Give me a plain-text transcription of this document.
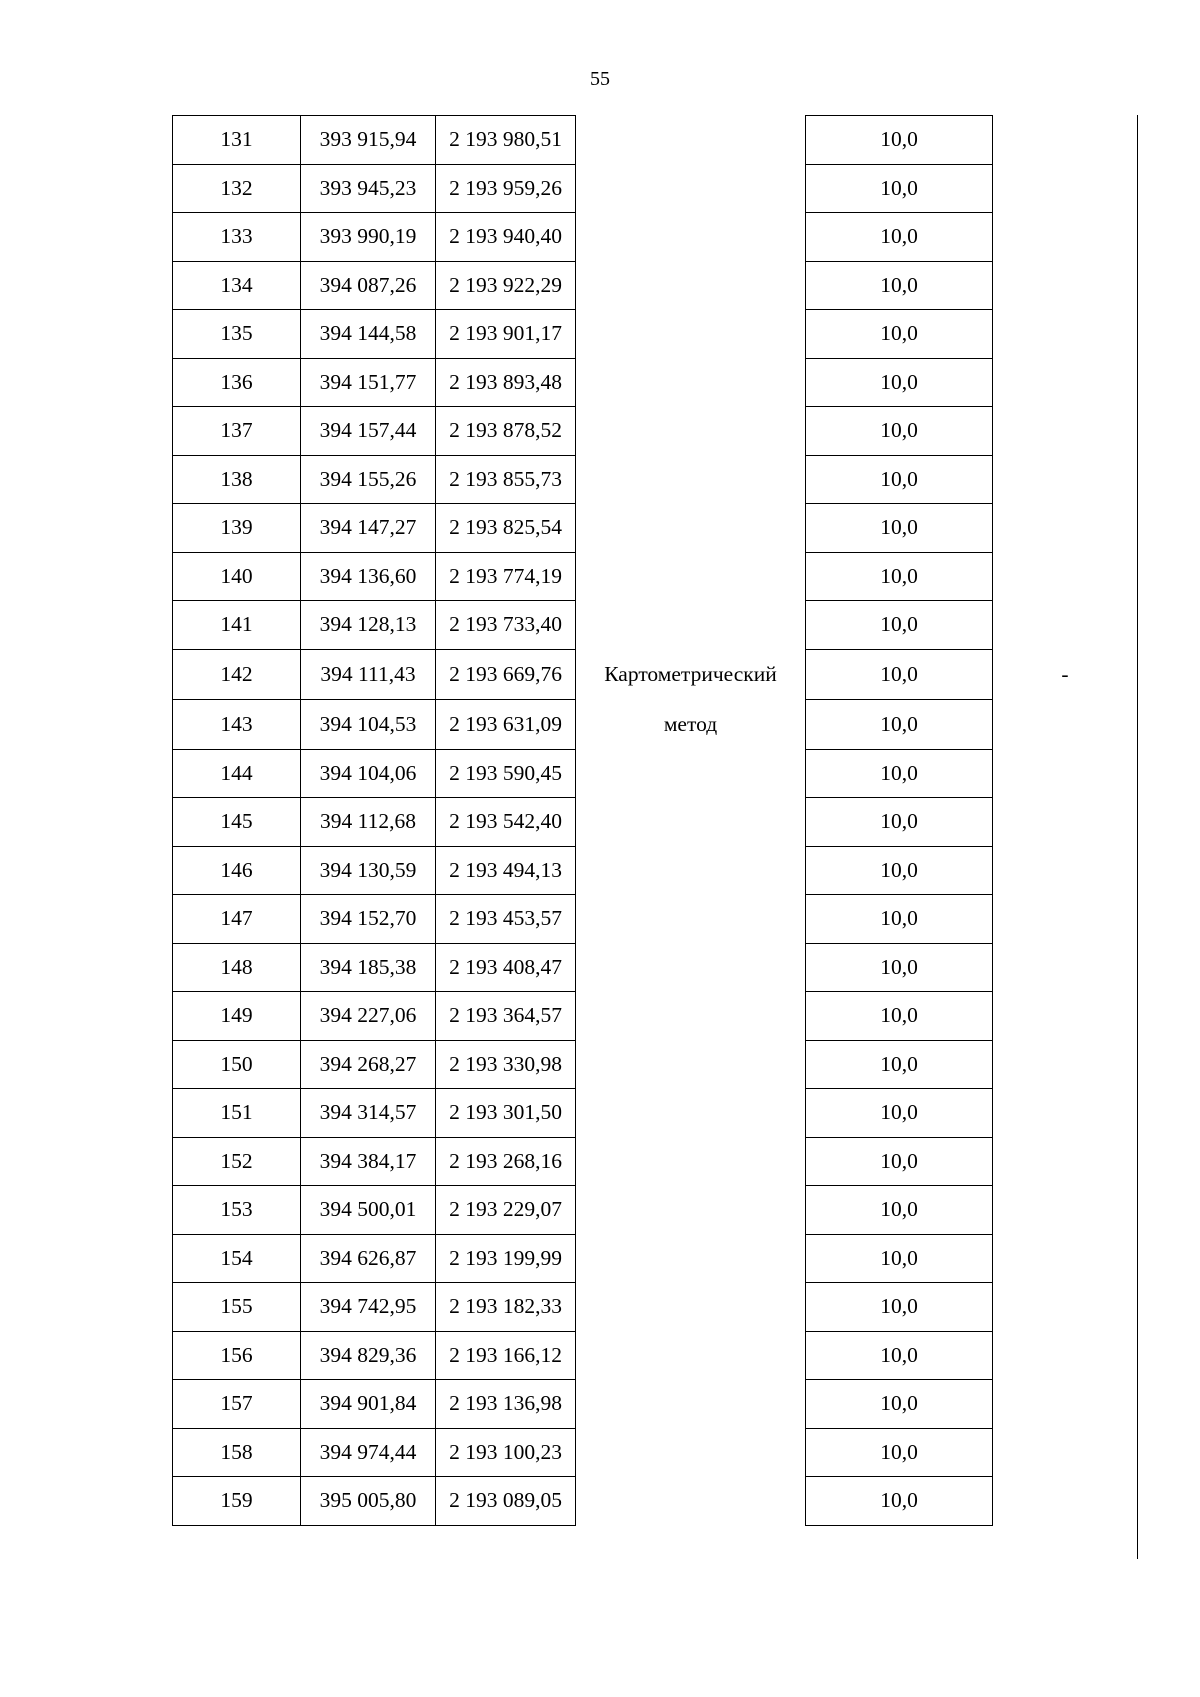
55
131	393 915,94	2 193 980,51		10,0	
132	393 945,23	2 193 959,26		10,0	
133	393 990,19	2 193 940,40		10,0	
134	394 087,26	2 193 922,29		10,0	
135	394 144,58	2 193 901,17		10,0	
136	394 151,77	2 193 893,48		10,0	
137	394 157,44	2 193 878,52		10,0	
138	394 155,26	2 193 855,73		10,0	
139	394 147,27	2 193 825,54		10,0	
140	394 136,60	2 193 774,19		10,0	
141	394 128,13	2 193 733,40		10,0	
142	394 111,43	2 193 669,76	Картометрический	10,0	-
143	394 104,53	2 193 631,09	метод	10,0	
144	394 104,06	2 193 590,45		10,0	
145	394 112,68	2 193 542,40		10,0	
146	394 130,59	2 193 494,13		10,0	
147	394 152,70	2 193 453,57		10,0	
148	394 185,38	2 193 408,47		10,0	
149	394 227,06	2 193 364,57		10,0	
150	394 268,27	2 193 330,98		10,0	
151	394 314,57	2 193 301,50		10,0	
152	394 384,17	2 193 268,16		10,0	
153	394 500,01	2 193 229,07		10,0	
154	394 626,87	2 193 199,99		10,0	
155	394 742,95	2 193 182,33		10,0	
156	394 829,36	2 193 166,12		10,0	
157	394 901,84	2 193 136,98		10,0	
158	394 974,44	2 193 100,23		10,0	
159	395 005,80	2 193 089,05		10,0	
